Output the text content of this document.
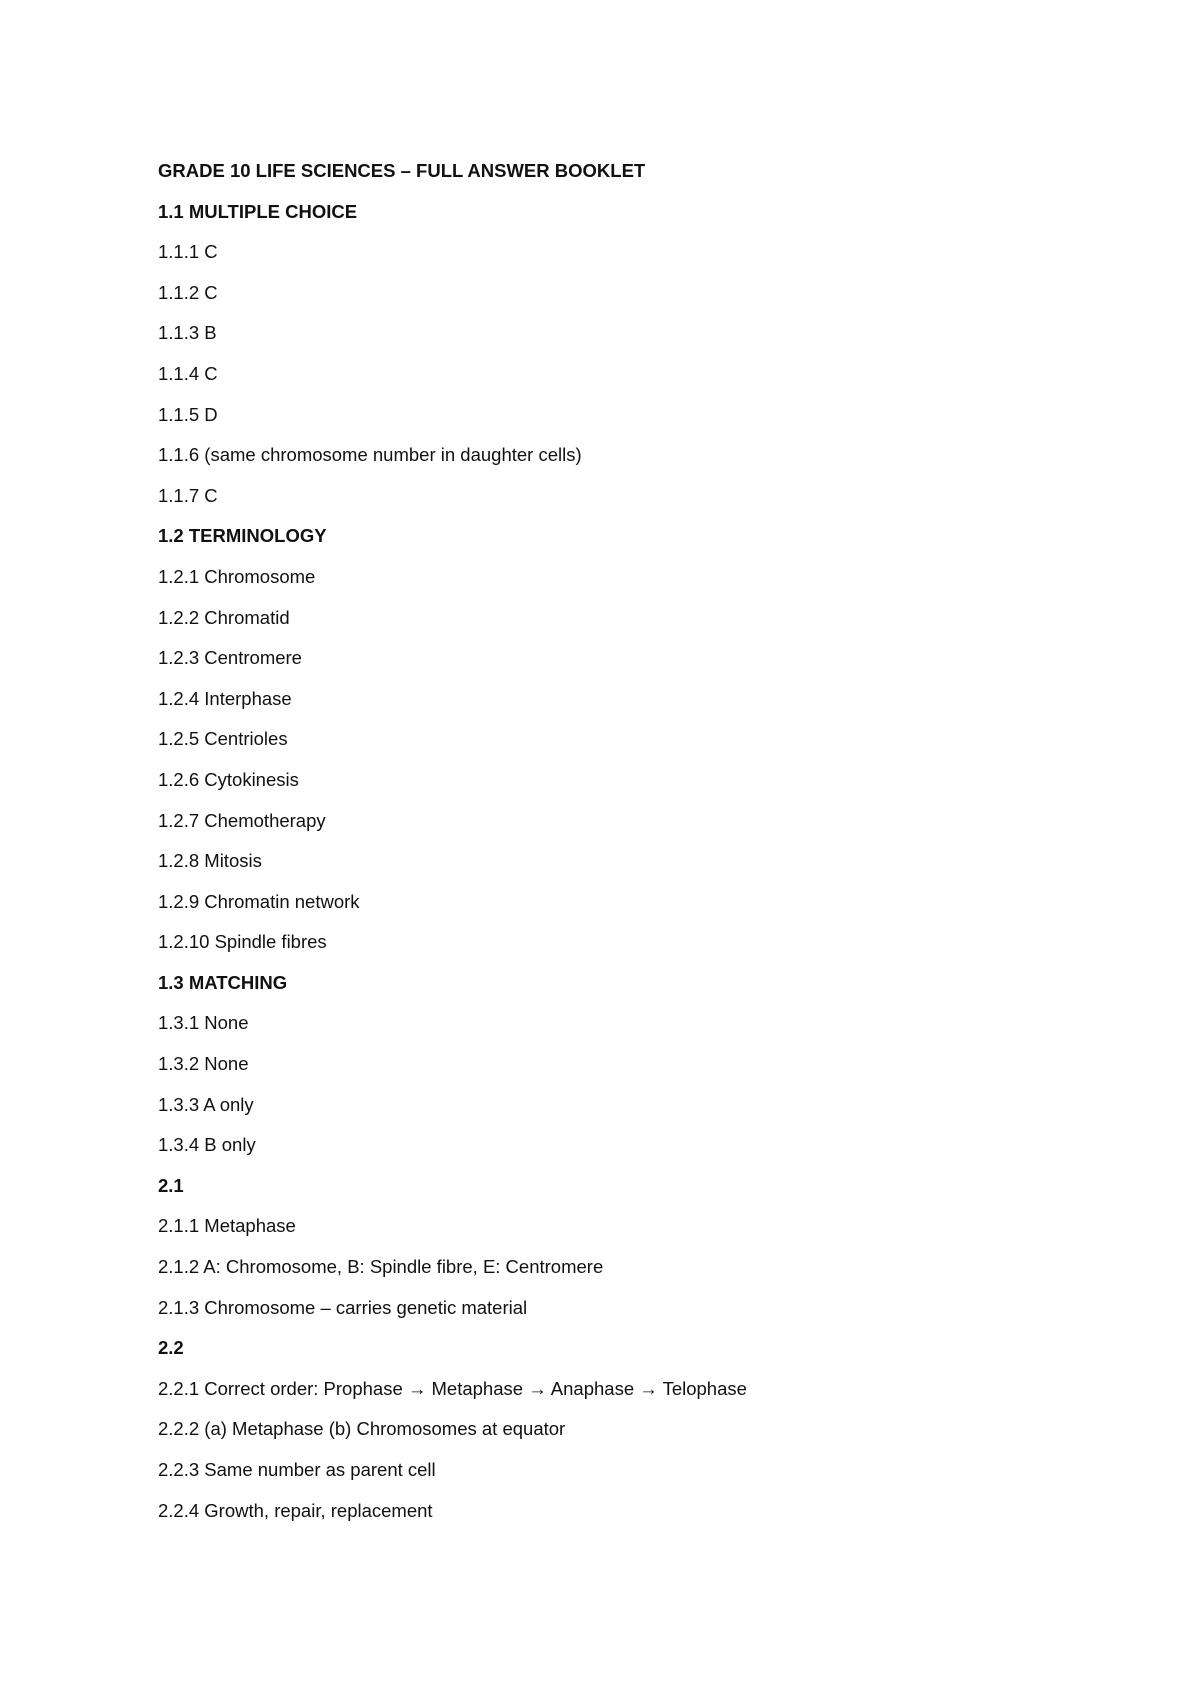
GRADE 10 LIFE SCIENCES – FULL ANSWER BOOKLET
1.1 MULTIPLE CHOICE
1.1.1 C
1.1.2 C
1.1.3 B
1.1.4 C
1.1.5 D
1.1.6 (same chromosome number in daughter cells)
1.1.7 C
1.2 TERMINOLOGY
1.2.1 Chromosome
1.2.2 Chromatid
1.2.3 Centromere
1.2.4 Interphase
1.2.5 Centrioles
1.2.6 Cytokinesis
1.2.7 Chemotherapy
1.2.8 Mitosis
1.2.9 Chromatin network
1.2.10 Spindle fibres
1.3 MATCHING
1.3.1 None
1.3.2 None
1.3.3 A only
1.3.4 B only
2.1
2.1.1 Metaphase
2.1.2 A: Chromosome, B: Spindle fibre, E: Centromere
2.1.3 Chromosome – carries genetic material
2.2
2.2.1 Correct order: Prophase → Metaphase → Anaphase → Telophase
2.2.2 (a) Metaphase (b) Chromosomes at equator
2.2.3 Same number as parent cell
2.2.4 Growth, repair, replacement
